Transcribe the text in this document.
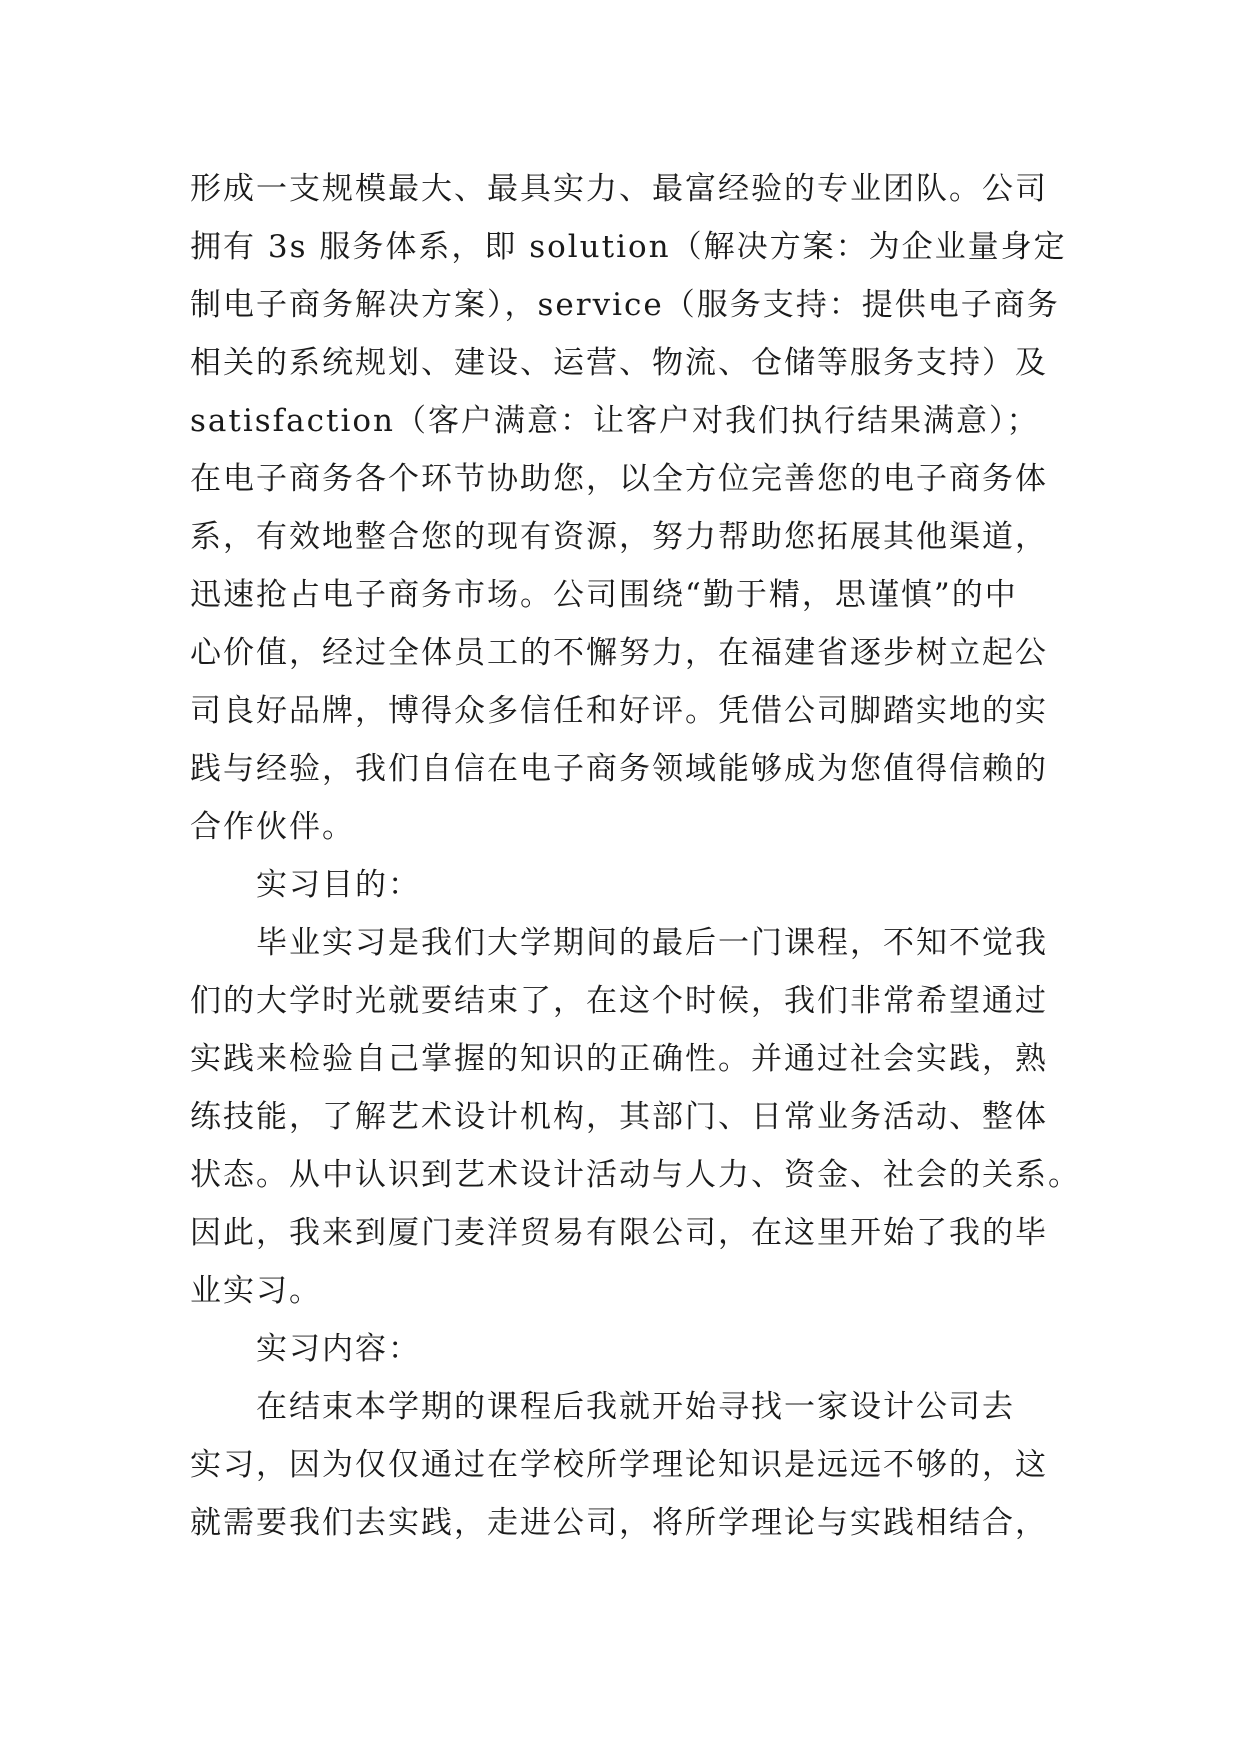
形成一支规模最大、最具实力、最富经验的专业团队。公司
拥有 3s 服务体系，即 solution（解决方案：为企业量身定
制电子商务解决方案），service（服务支持：提供电子商务
相关的系统规划、建设、运营、物流、仓储等服务支持）及
satisfaction（客户满意：让客户对我们执行结果满意）；
在电子商务各个环节协助您，以全方位完善您的电子商务体
系，有效地整合您的现有资源，努力帮助您拓展其他渠道，
迅速抢占电子商务市场。公司围绕“勤于精，思谨慎”的中
心价值，经过全体员工的不懈努力，在福建省逐步树立起公
司良好品牌，博得众多信任和好评。凭借公司脚踏实地的实
践与经验，我们自信在电子商务领域能够成为您值得信赖的
合作伙伴。
实习目的：
毕业实习是我们大学期间的最后一门课程，不知不觉我
们的大学时光就要结束了，在这个时候，我们非常希望通过
实践来检验自己掌握的知识的正确性。并通过社会实践，熟
练技能，了解艺术设计机构，其部门、日常业务活动、整体
状态。从中认识到艺术设计活动与人力、资金、社会的关系。
因此，我来到厦门麦洋贸易有限公司，在这里开始了我的毕
业实习。
实习内容：
在结束本学期的课程后我就开始寻找一家设计公司去
实习，因为仅仅通过在学校所学理论知识是远远不够的，这
就需要我们去实践，走进公司，将所学理论与实践相结合，
